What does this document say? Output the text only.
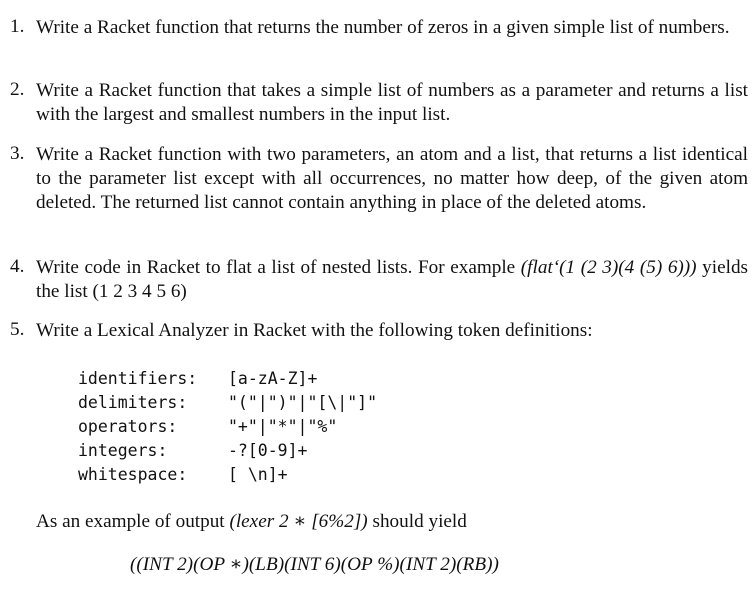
1. Write a Racket function that returns the number of zeros in a given simple list of numbers.
2. Write a Racket function that takes a simple list of numbers as a parameter and returns a list with the largest and smallest numbers in the input list.
3. Write a Racket function with two parameters, an atom and a list, that returns a list identical to the parameter list except with all occurrences, no matter how deep, of the given atom deleted. The returned list cannot contain anything in place of the deleted atoms.
4. Write code in Racket to flat a list of nested lists. For example (flat‘(1 (2 3)(4 (5) 6))) yields the list (1 2 3 4 5 6)
5. Write a Lexical Analyzer in Racket with the following token definitions:
identifiers: [a-zA-Z]+
delimiters: "("|")"|"[\|"]"
operators:	"+"|"*"|"%"
integers:	-?[0-9]+
whitespace: [ \n]+
As an example of output (lexer 2 ∗ [6%2]) should yield
((INT 2)(OP ∗)(LB)(INT 6)(OP %)(INT 2)(RB))
